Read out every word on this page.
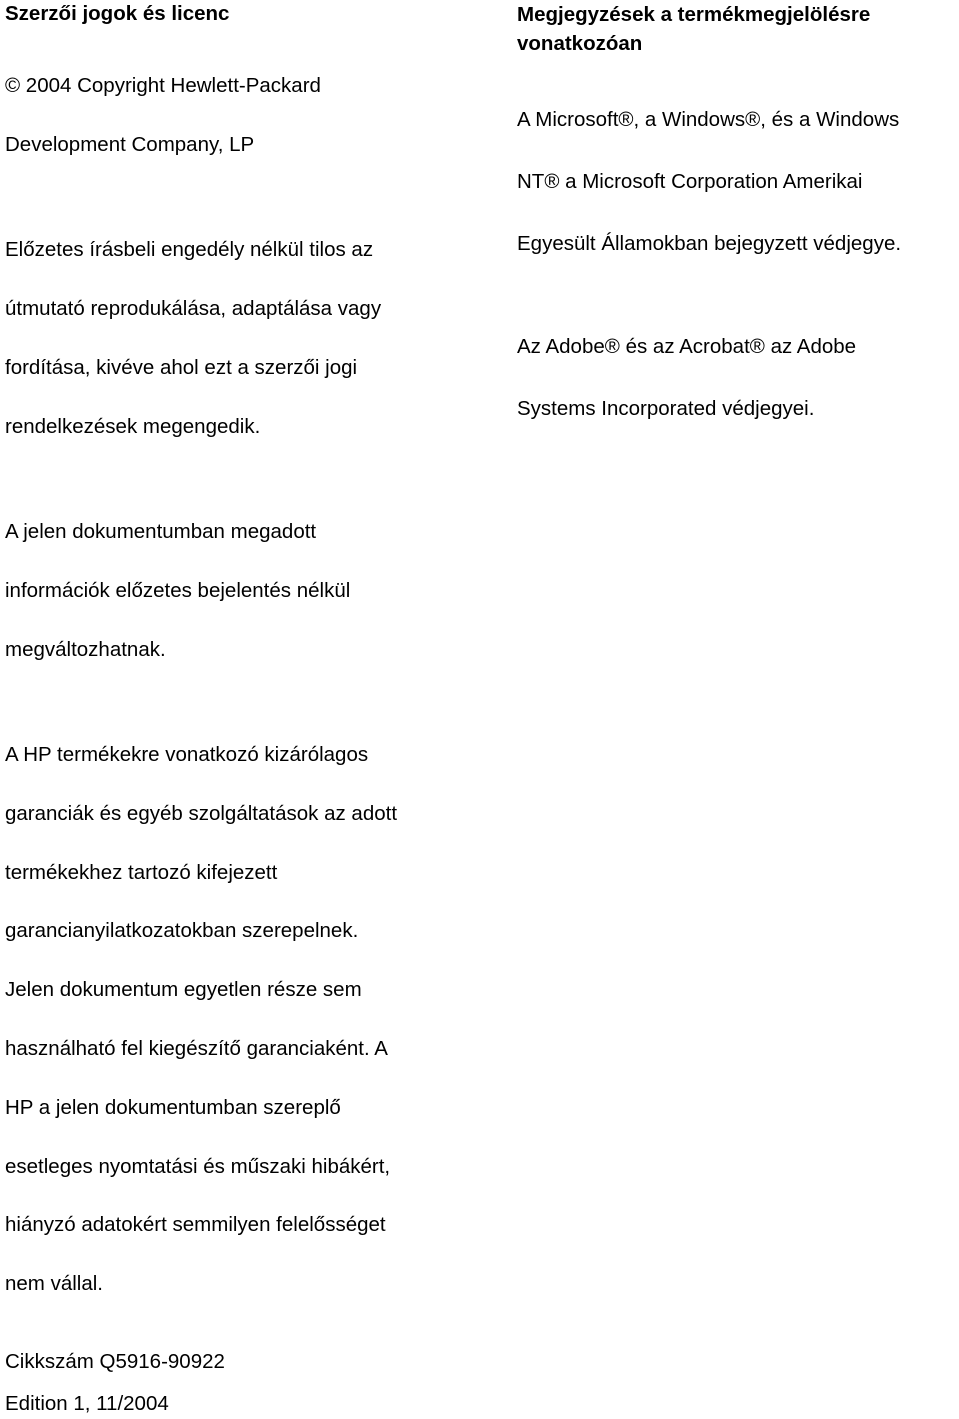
Szerzői jogok és licenc

© 2004 Copyright Hewlett-Packard

Development Company, LP

Előzetes írásbeli engedély nélkül tilos az

útmutató reprodukálása, adaptálása vagy

fordítása, kivéve ahol ezt a szerzői jogi

rendelkezések megengedik.

A jelen dokumentumban megadott

információk előzetes bejelentés nélkül

megváltozhatnak.

A HP termékekre vonatkozó kizárólagos

garanciák és egyéb szolgáltatások az adott

termékekhez tartozó kifejezett

garancianyilatkozatokban szerepelnek.

Jelen dokumentum egyetlen része sem

használható fel kiegészítő garanciaként. A

HP a jelen dokumentumban szereplő

esetleges nyomtatási és műszaki hibákért,

hiányzó adatokért semmilyen felelősséget

nem vállal.

Cikkszám Q5916-90922

Edition 1, 11/2004

Megjegyzések a termékmegjelölésre
vonatkozóan

A Microsoft®, a Windows®, és a Windows

NT® a Microsoft Corporation Amerikai

Egyesült Államokban bejegyzett védjegye.

Az Adobe® és az Acrobat® az Adobe

Systems Incorporated védjegyei.
